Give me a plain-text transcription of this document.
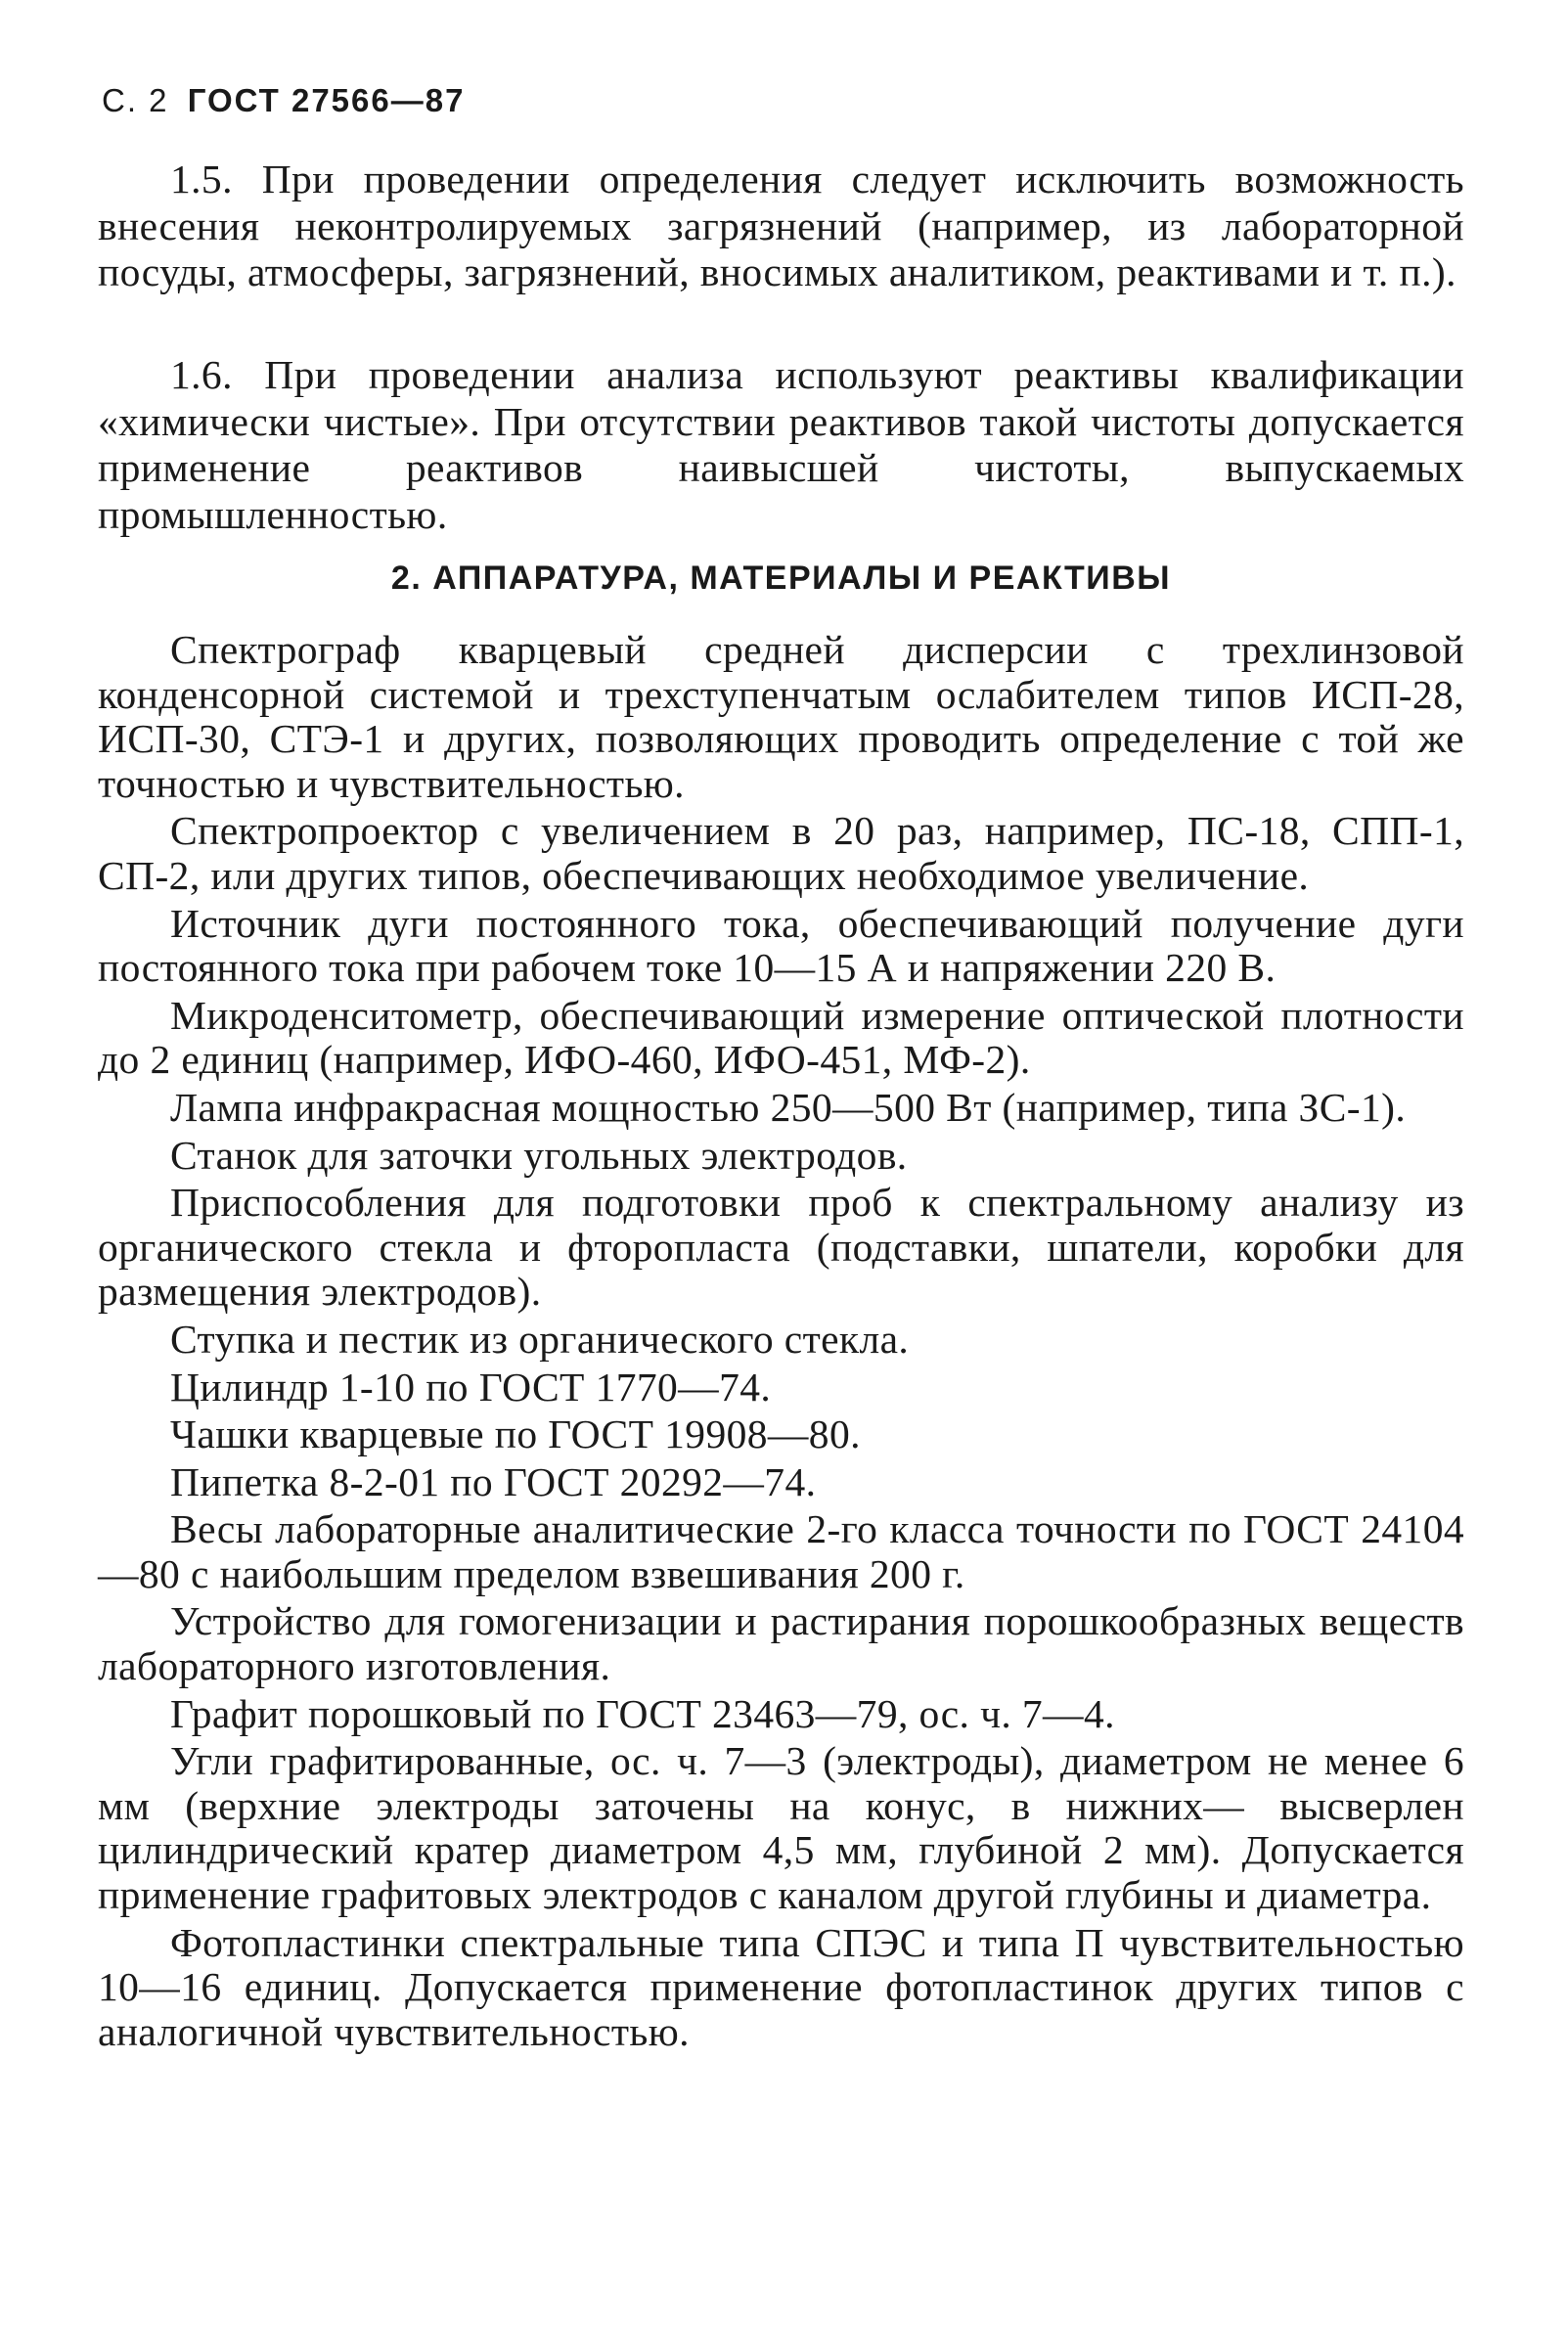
С. 2 ГОСТ 27566—87

1.5. При проведении определения следует исключить возможность внесения неконтролируемых загрязнений (например, из лабораторной посуды, атмосферы, загрязнений, вносимых аналитиком, реактивами и т. п.).

1.6. При проведении анализа используют реактивы квалификации «химически чистые». При отсутствии реактивов такой чистоты допускается применение реактивов наивысшей чистоты, выпускаемых промышленностью.

2. АППАРАТУРА, МАТЕРИАЛЫ И РЕАКТИВЫ

Спектрограф кварцевый средней дисперсии с трехлинзовой конденсорной системой и трехступенчатым ослабителем типов ИСП-28, ИСП-30, СТЭ-1 и других, позволяющих проводить определение с той же точностью и чувствительностью.

Спектропроектор с увеличением в 20 раз, например, ПС-18, СПП-1, СП-2, или других типов, обеспечивающих необходимое увеличение.

Источник дуги постоянного тока, обеспечивающий получение дуги постоянного тока при рабочем токе 10—15 А и напряжении 220 В.

Микроденситометр, обеспечивающий измерение оптической плотности до 2 единиц (например, ИФО-460, ИФО-451, МФ-2).

Лампа инфракрасная мощностью 250—500 Вт (например, типа ЗС-1).

Станок для заточки угольных электродов.

Приспособления для подготовки проб к спектральному анализу из органического стекла и фторопласта (подставки, шпатели, коробки для размещения электродов).

Ступка и пестик из органического стекла.

Цилиндр 1-10 по ГОСТ 1770—74.

Чашки кварцевые по ГОСТ 19908—80.

Пипетка 8-2-01 по ГОСТ 20292—74.

Весы лабораторные аналитические 2-го класса точности по ГОСТ 24104—80 с наибольшим пределом взвешивания 200 г.

Устройство для гомогенизации и растирания порошкообразных веществ лабораторного изготовления.

Графит порошковый по ГОСТ 23463—79, ос. ч. 7—4.

Угли графитированные, ос. ч. 7—3 (электроды), диаметром не менее 6 мм (верхние электроды заточены на конус, в нижних— высверлен цилиндрический кратер диаметром 4,5 мм, глубиной 2 мм). Допускается применение графитовых электродов с каналом другой глубины и диаметра.

Фотопластинки спектральные типа СПЭС и типа П чувствительностью 10—16 единиц. Допускается применение фотопластинок других типов с аналогичной чувствительностью.
